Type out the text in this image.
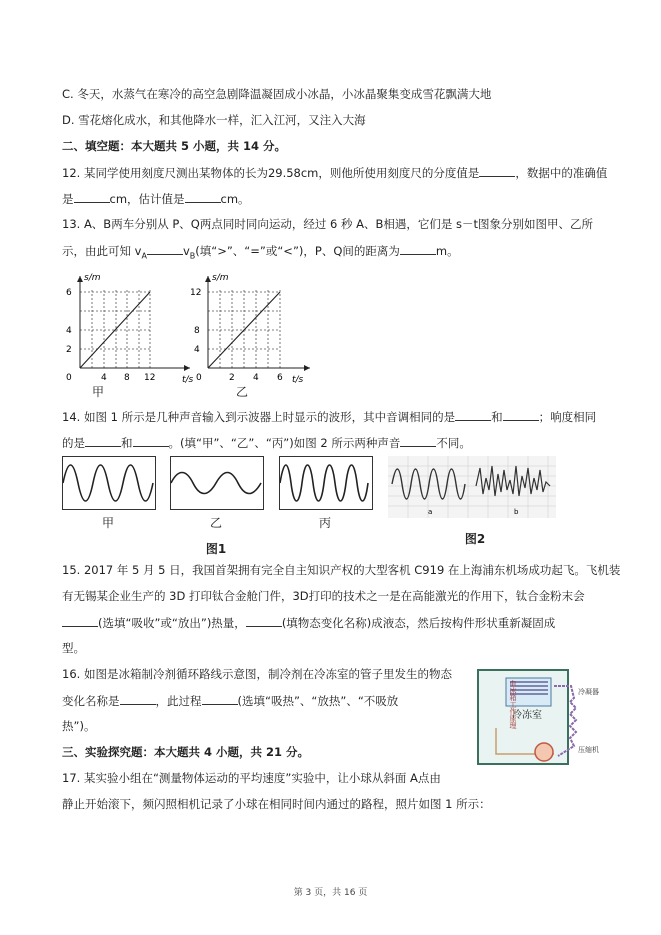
C. 冬天，水蒸气在寒冷的高空急剧降温凝固成小冰晶，小冰晶聚集变成雪花飘满大地
D. 雪花熔化成水，和其他降水一样，汇入江河，又注入大海
二、填空题：本大题共 5 小题，共 14 分。
12. 某同学使用刻度尺测出某物体的长为29.58cm，则他所使用刻度尺的分度值是	，数据中的准确值
是	cm，估计值是	cm。
13. A、B两车分别从 P、Q两点同时同向运动，经过 6 秒 A、B相遇，它们是 s－t图象分别如图甲、乙所
示，由此可知 $v_A$	$v_B$(填“>”、“=”或“<”)，P、Q间的距离为	m。
s/m
t/s
2
4
6
0	4 8 12
甲
s/m
t/s
4
8
12
0	2 4 6
乙
14. 如图 1 所示是几种声音输入到示波器上时显示的波形，其中音调相同的是	和	；响度相同
的是	和	。(填“甲”、“乙”、“丙”)如图 2 所示两种声音	不同。
甲	乙	丙
图1
a	b
图2
15. 2017 年 5 月 5 日，我国首架拥有完全自主知识产权的大型客机 C919 在上海浦东机场成功起飞。飞机装
有无锡某企业生产的 3D 打印钛合金舱门件，3D打印的技术之一是在高能激光的作用下，钛合金粉末会
(选填“吸收”或“放出”)热量，	(填物态变化名称)成液态，然后按构件形状重新凝固成
型。
16. 如图是冰箱制冷剂循环路线示意图，制冷剂在冷冻室的管子里发生的物态
变化名称是	，此过程	(选填“吸热”、“放热”、“不吸放
热”)。
冷冻室
冷凝器
压缩机
电冰箱工作原理
三、实验探究题：本大题共 4 小题，共 21 分。
17. 某实验小组在“测量物体运动的平均速度”实验中，让小球从斜面 A点由
静止开始滚下，频闪照相机记录了小球在相同时间内通过的路程，照片如图 1 所示：
第 3 页，共 16 页
